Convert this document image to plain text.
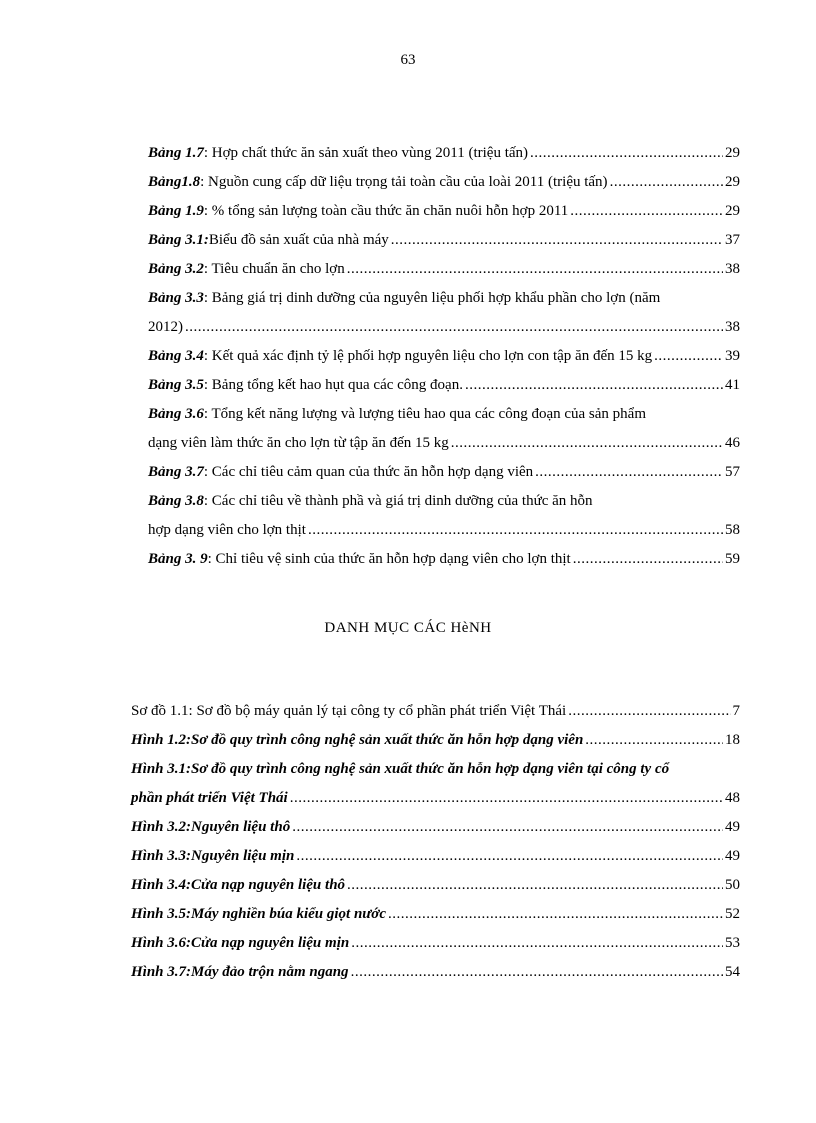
63
Bảng 1.7 : Hợp chất thức ăn sản xuất theo vùng 2011 (triệu tấn) .....	29
Bảng1.8 : Nguồn cung cấp dữ liệu trọng tải toàn cầu của loài 2011 (triệu tấn) .....	29
Bảng 1.9 : % tổng sản lượng toàn cầu thức ăn chăn nuôi hỗn hợp 2011 .....	29
Bảng 3.1: Biểu đồ sản xuất của nhà máy .....	37
Bảng 3.2 : Tiêu chuẩn ăn cho lợn .....	38
Bảng 3.3 : Bảng giá trị dinh dưỡng của nguyên liệu phối hợp khẩu phần cho lợn (năm
2012) .....	38
Bảng 3.4 : Kết quả xác định tỷ lệ phối hợp nguyên liệu cho lợn con tập ăn đến 15 kg .....	39
Bảng 3.5 : Bảng tổng kết hao hụt qua các công đoạn. .....	41
Bảng 3.6 : Tổng kết năng lượng và lượng tiêu hao qua các công đoạn của sản phẩm
dạng viên làm thức ăn cho lợn từ tập ăn đến 15 kg .....	46
Bảng 3.7 : Các chỉ tiêu cảm quan của thức ăn hỗn hợp dạng viên .....	57
Bảng 3.8 : Các chỉ tiêu về thành phầ và giá trị dinh dưỡng của thức ăn hỗn
hợp dạng viên cho lợn thịt .....	58
Bảng 3. 9 : Chỉ tiêu vệ sinh của thức ăn hỗn hợp dạng viên cho lợn thịt .....	59
DANH MỤC CÁC HèNH
Sơ đồ 1.1: Sơ đồ bộ máy quản lý tại công ty cổ phần phát triển Việt Thái .....	7
Hình 1.2: Sơ đồ quy trình công nghệ sản xuất thức ăn hỗn hợp dạng viên .....	18
Hình 3.1: Sơ đồ quy trình công nghệ sản xuất thức ăn hỗn hợp dạng viên tại công ty cổ
phần phát triển Việt Thái .....	48
Hình 3.2: Nguyên liệu thô .....	49
Hình 3.3: Nguyên liệu mịn .....	49
Hình 3.4: Cửa nạp nguyên liệu thô .....	50
Hình 3.5: Máy nghiền búa kiểu giọt nước .....	52
Hình 3.6: Cửa nạp nguyên liệu mịn .....	53
Hình 3.7: Máy đảo trộn nằm ngang .....	54
